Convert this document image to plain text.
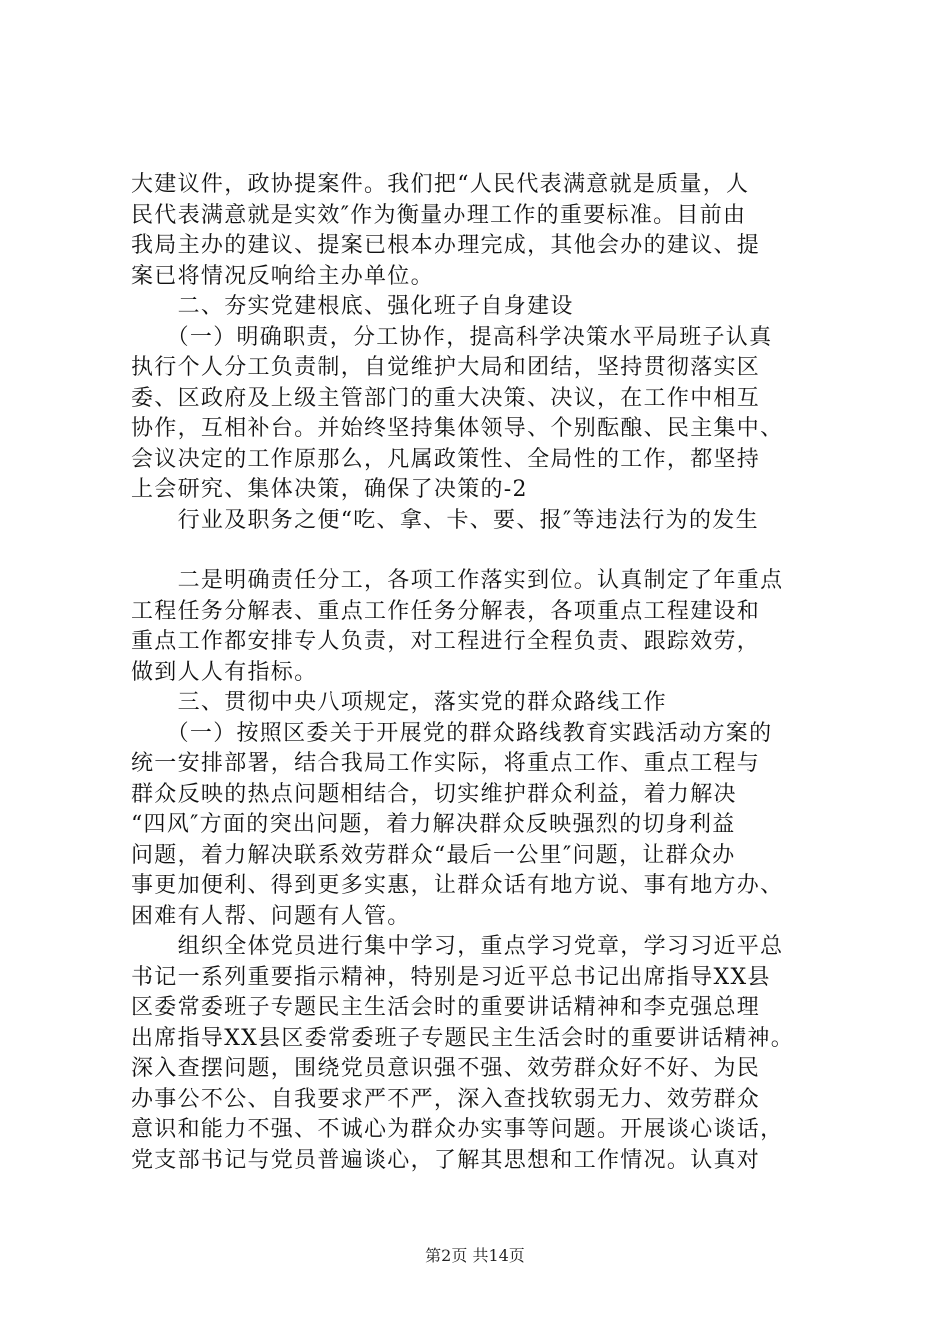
大建议件，政协提案件。我们把“人民代表满意就是质量，人
民代表满意就是实效″作为衡量办理工作的重要标准。目前由
我局主办的建议、提案已根本办理完成，其他会办的建议、提
案已将情况反响给主办单位。
　　二、夯实党建根底、强化班子自身建设
　　（一）明确职责，分工协作，提高科学决策水平局班子认真
执行个人分工负责制，自觉维护大局和团结，坚持贯彻落实区
委、区政府及上级主管部门的重大决策、决议，在工作中相互
协作，互相补台。并始终坚持集体领导、个别酝酿、民主集中、
会议决定的工作原那么，凡属政策性、全局性的工作，都坚持
上会研究、集体决策，确保了决策的-2
　　行业及职务之便“吃、拿、卡、要、报″等违法行为的发生
　　二是明确责任分工，各项工作落实到位。认真制定了年重点
工程任务分解表、重点工作任务分解表，各项重点工程建设和
重点工作都安排专人负责，对工程进行全程负责、跟踪效劳，
做到人人有指标。
　　三、贯彻中央八项规定，落实党的群众路线工作
　　（一）按照区委关于开展党的群众路线教育实践活动方案的
统一安排部署，结合我局工作实际，将重点工作、重点工程与
群众反映的热点问题相结合，切实维护群众利益，着力解决
“四风″方面的突出问题，着力解决群众反映强烈的切身利益
问题，着力解决联系效劳群众“最后一公里″问题，让群众办
事更加便利、得到更多实惠，让群众话有地方说、事有地方办、
困难有人帮、问题有人管。
　　组织全体党员进行集中学习，重点学习党章，学习习近平总
书记一系列重要指示精神，特别是习近平总书记出席指导XX县
区委常委班子专题民主生活会时的重要讲话精神和李克强总理
出席指导XX县区委常委班子专题民主生活会时的重要讲话精神。
深入查摆问题，围绕党员意识强不强、效劳群众好不好、为民
办事公不公、自我要求严不严，深入查找软弱无力、效劳群众
意识和能力不强、不诚心为群众办实事等问题。开展谈心谈话，
党支部书记与党员普遍谈心，了解其思想和工作情况。认真对
第2页 共14页
